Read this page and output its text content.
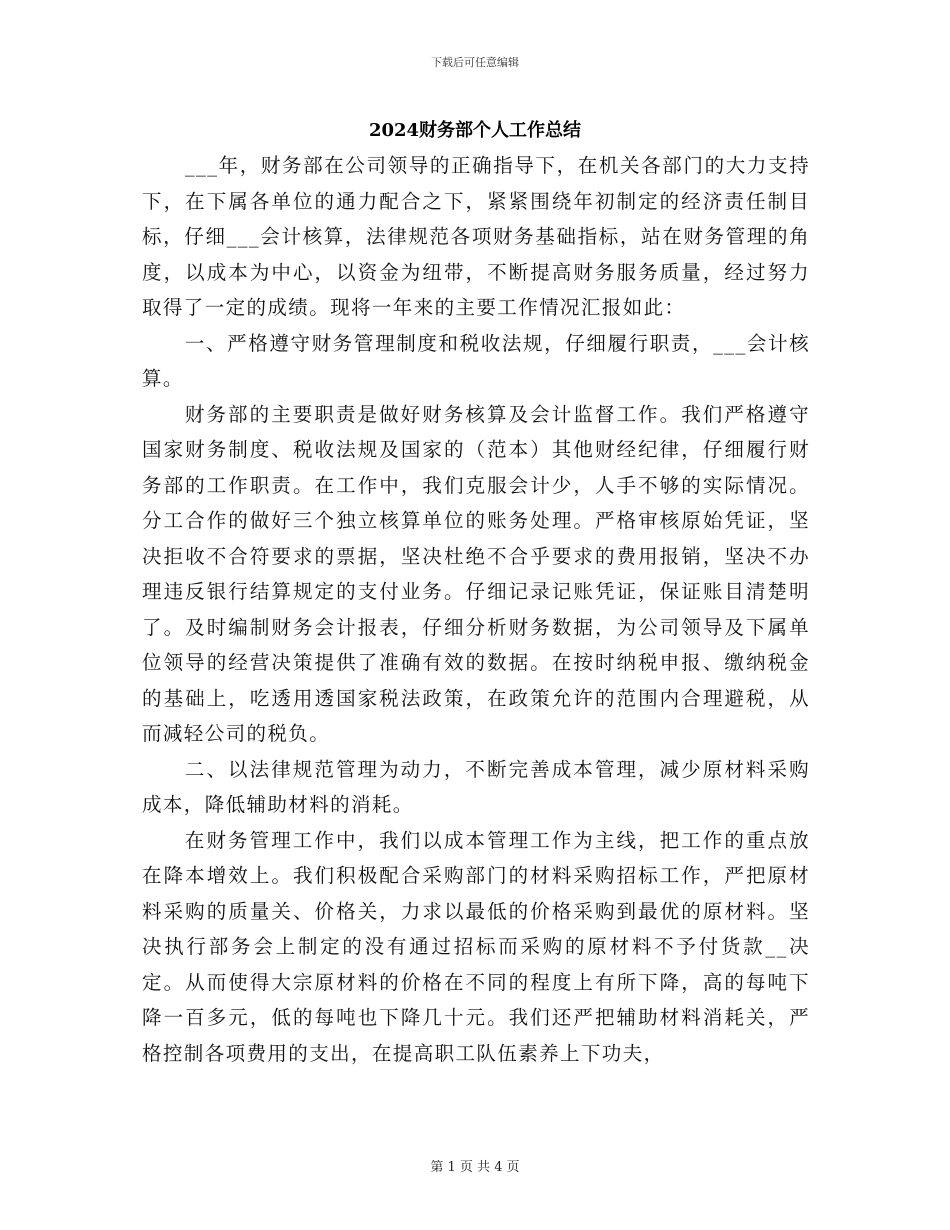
下载后可任意编辑
2024财务部个人工作总结

___年，财务部在公司领导的正确指导下，在机关各部门的大力支持下，在下属各单位的通力配合之下，紧紧围绕年初制定的经济责任制目标，仔细___会计核算，法律规范各项财务基础指标，站在财务管理的角度，以成本为中心，以资金为纽带，不断提高财务服务质量，经过努力取得了一定的成绩。现将一年来的主要工作情况汇报如此：

一、严格遵守财务管理制度和税收法规，仔细履行职责，___会计核算。

财务部的主要职责是做好财务核算及会计监督工作。我们严格遵守国家财务制度、税收法规及国家的（范本）其他财经纪律，仔细履行财务部的工作职责。在工作中，我们克服会计少，人手不够的实际情况。分工合作的做好三个独立核算单位的账务处理。严格审核原始凭证，坚决拒收不合符要求的票据，坚决杜绝不合乎要求的费用报销，坚决不办理违反银行结算规定的支付业务。仔细记录记账凭证，保证账目清楚明了。及时编制财务会计报表，仔细分析财务数据，为公司领导及下属单位领导的经营决策提供了准确有效的数据。在按时纳税申报、缴纳税金的基础上，吃透用透国家税法政策，在政策允许的范围内合理避税，从而减轻公司的税负。

二、以法律规范管理为动力，不断完善成本管理，减少原材料采购成本，降低辅助材料的消耗。

在财务管理工作中，我们以成本管理工作为主线，把工作的重点放在降本增效上。我们积极配合采购部门的材料采购招标工作，严把原材料采购的质量关、价格关，力求以最低的价格采购到最优的原材料。坚决执行部务会上制定的没有通过招标而采购的原材料不予付货款__决定。从而使得大宗原材料的价格在不同的程度上有所下降，高的每吨下降一百多元，低的每吨也下降几十元。我们还严把辅助材料消耗关，严格控制各项费用的支出，在提高职工队伍素养上下功夫，

第 1 页 共 4 页
